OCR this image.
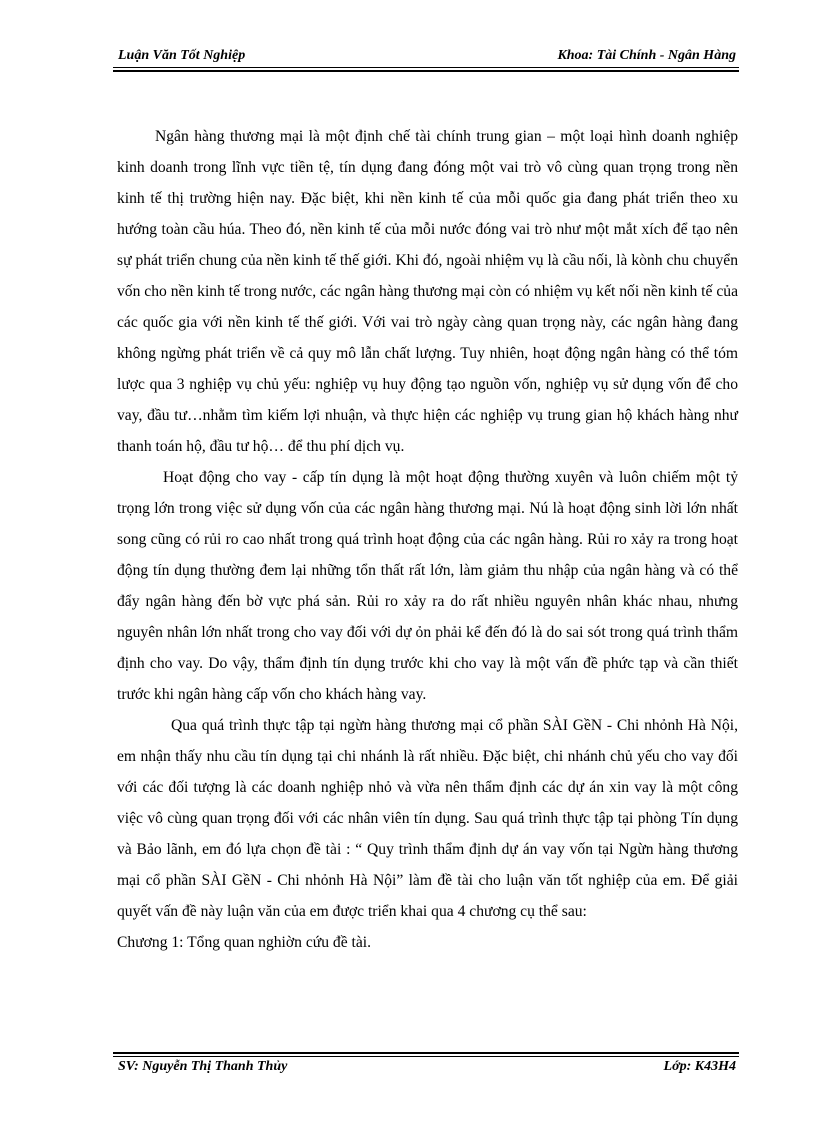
Luận Văn Tốt Nghiệp	Khoa: Tài Chính - Ngân Hàng

Ngân hàng thương mại là một định chế tài chính trung gian – một loại hình doanh nghiệp kinh doanh trong lĩnh vực tiền tệ, tín dụng đang đóng một vai trò vô cùng quan trọng trong nền kinh tế thị trường hiện nay. Đặc biệt, khi nền kinh tế của mỗi quốc gia đang phát triển theo xu hướng toàn cầu húa. Theo đó, nền kinh tế của mỗi nước đóng vai trò như một mắt xích để tạo nên sự phát triển chung của nền kinh tế thế giới. Khi đó, ngoài nhiệm vụ là cầu nối, là kònh chu chuyển vốn cho nền kinh tế trong nước, các ngân hàng thương mại còn có nhiệm vụ kết nối nền kinh tế của các quốc gia với nền kinh tế thế giới. Với vai trò ngày càng quan trọng này, các ngân hàng đang không ngừng phát triển về cả quy mô lẫn chất lượng. Tuy nhiên, hoạt động ngân hàng có thể tóm lược qua 3 nghiệp vụ chủ yếu: nghiệp vụ huy động tạo nguồn vốn, nghiệp vụ sử dụng vốn để cho vay, đầu tư…nhằm tìm kiếm lợi nhuận, và thực hiện các nghiệp vụ trung gian hộ khách hàng như thanh toán hộ, đầu tư hộ… để thu phí dịch vụ.

Hoạt động cho vay - cấp tín dụng là một hoạt động thường xuyên và luôn chiếm một tỷ trọng lớn trong việc sử dụng vốn của các ngân hàng thương mại. Nú là hoạt động sinh lời lớn nhất song cũng có rủi ro cao nhất trong quá trình hoạt động của các ngân hàng. Rủi ro xảy ra trong hoạt động tín dụng thường đem lại những tổn thất rất lớn, làm giảm thu nhập của ngân hàng và có thể đẩy ngân hàng đến bờ vực phá sản. Rủi ro xảy ra do rất nhiều nguyên nhân khác nhau, nhưng nguyên nhân lớn nhất trong cho vay đối với dự ỏn phải kể đến đó là do sai sót trong quá trình thẩm định cho vay. Do vậy, thẩm định tín dụng trước khi cho vay là một vấn đề phức tạp và cần thiết trước khi ngân hàng cấp vốn cho khách hàng vay.

Qua quá trình thực tập tại ngừn hàng thương mại cổ phần SÀI GềN - Chi nhỏnh Hà Nội, em nhận thấy nhu cầu tín dụng tại chi nhánh là rất nhiều. Đặc biệt, chi nhánh chủ yếu cho vay đối với các đối tượng là các doanh nghiệp nhỏ và vừa nên thẩm định các dự án xin vay là một công việc vô cùng quan trọng đối với các nhân viên tín dụng. Sau quá trình thực tập tại phòng Tín dụng và Bảo lãnh, em đó lựa chọn đề tài : “ Quy trình thẩm định dự án vay vốn tại Ngừn hàng thương mại cổ phần SÀI GềN - Chi nhỏnh Hà Nội” làm đề tài cho luận văn tốt nghiệp của em. Để giải quyết vấn đề này luận văn của em được triển khai qua 4 chương cụ thể sau:

Chương 1: Tổng quan nghiờn cứu đề tài.

SV: Nguyễn Thị Thanh Thủy	Lớp: K43H4
